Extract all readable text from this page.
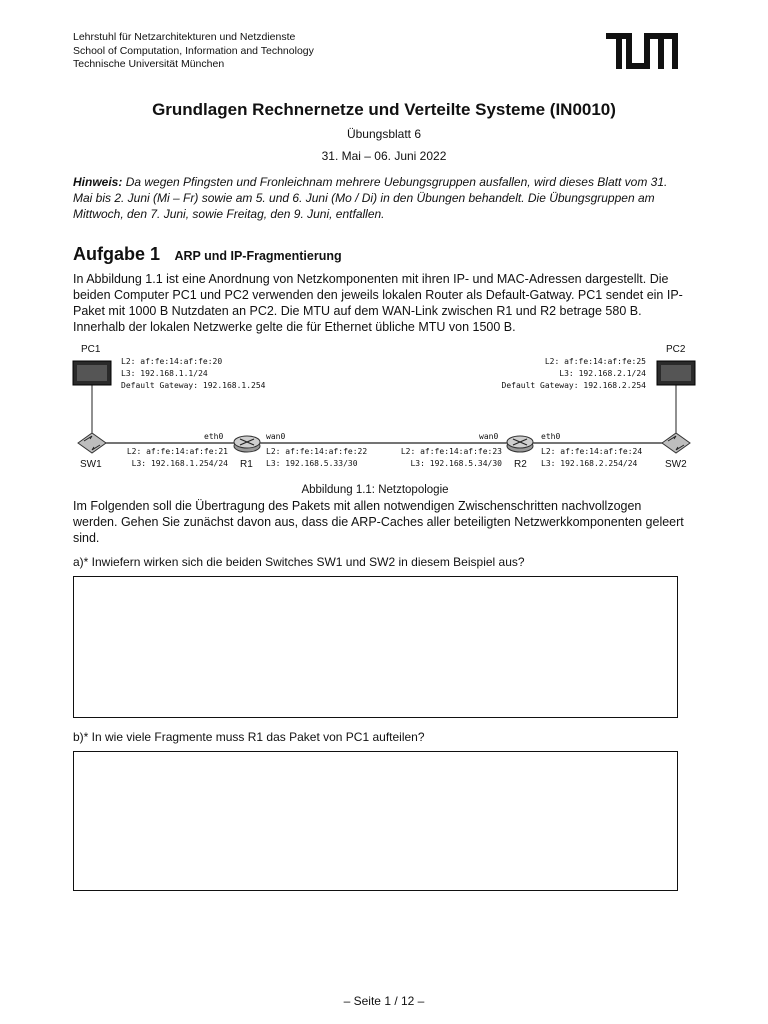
Lehrstuhl für Netzarchitekturen und Netzdienste
School of Computation, Information and Technology
Technische Universität München
Grundlagen Rechnernetze und Verteilte Systeme (IN0010)
Übungsblatt 6
31. Mai – 06. Juni 2022
Hinweis: Da wegen Pfingsten und Fronleichnam mehrere Uebungsgruppen ausfallen, wird dieses Blatt vom 31. Mai bis 2. Juni (Mi – Fr) sowie am 5. und 6. Juni (Mo / Di) in den Übungen behandelt. Die Übungsgruppen am Mittwoch, den 7. Juni, sowie Freitag, den 9. Juni, entfallen.
Aufgabe 1 ARP und IP-Fragmentierung
In Abbildung 1.1 ist eine Anordnung von Netzkomponenten mit ihren IP- und MAC-Adressen dargestellt. Die beiden Computer PC1 und PC2 verwenden den jeweils lokalen Router als Default-Gatway. PC1 sendet ein IP-Paket mit 1000 B Nutzdaten an PC2. Die MTU auf dem WAN-Link zwischen R1 und R2 betrage 580 B. Innerhalb der lokalen Netzwerke gelte die für Ethernet übliche MTU von 1500 B.
PC1	PC2
L2: af:fe:14:af:fe:20
L3: 192.168.1.1/24
Default Gateway: 192.168.1.254
L2: af:fe:14:af:fe:25
L3: 192.168.2.1/24
Default Gateway: 192.168.2.254
eth0	wan0	wan0	eth0
L2: af:fe:14:af:fe:21
L3: 192.168.1.254/24
L2: af:fe:14:af:fe:22
L3: 192.168.5.33/30
L2: af:fe:14:af:fe:23
L3: 192.168.5.34/30
L2: af:fe:14:af:fe:24
L3: 192.168.2.254/24
SW1	R1	R2	SW2
Abbildung 1.1: Netztopologie
Im Folgenden soll die Übertragung des Pakets mit allen notwendigen Zwischenschritten nachvollzogen werden. Gehen Sie zunächst davon aus, dass die ARP-Caches aller beteiligten Netzwerkkomponenten geleert sind.
a)* Inwiefern wirken sich die beiden Switches SW1 und SW2 in diesem Beispiel aus?
b)* In wie viele Fragmente muss R1 das Paket von PC1 aufteilen?
– Seite 1 / 12 –
